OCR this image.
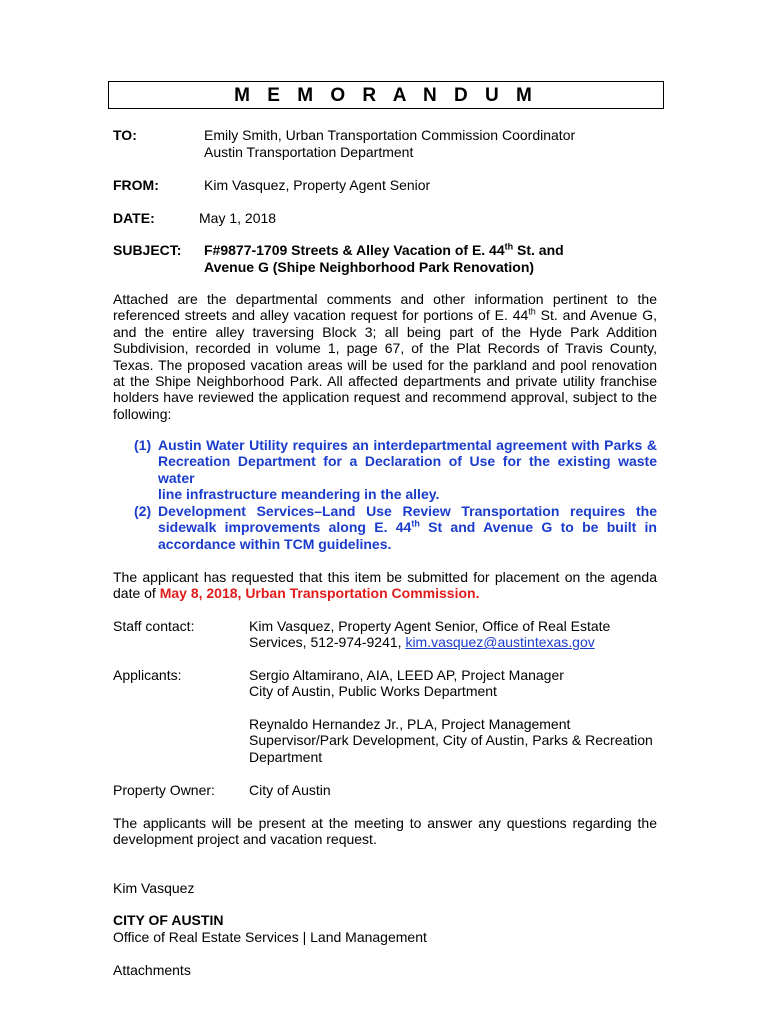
M E M O R A N D U M
TO:	Emily Smith, Urban Transportation Commission Coordinator
Austin Transportation Department
FROM:	Kim Vasquez, Property Agent Senior
DATE:	May 1, 2018
SUBJECT: F#9877-1709 Streets & Alley Vacation of E. 44th St. and
Avenue G (Shipe Neighborhood Park Renovation)
Attached are the departmental comments and other information pertinent to the
referenced streets and alley vacation request for portions of E. 44th St. and Avenue G,
and the entire alley traversing Block 3; all being part of the Hyde Park Addition
Subdivision, recorded in volume 1, page 67, of the Plat Records of Travis County,
Texas. The proposed vacation areas will be used for the parkland and pool renovation
at the Shipe Neighborhood Park. All affected departments and private utility franchise
holders have reviewed the application request and recommend approval, subject to the
following:
(1) Austin Water Utility requires an interdepartmental agreement with Parks &
Recreation Department for a Declaration of Use for the existing waste water
line infrastructure meandering in the alley.
(2) Development Services–Land Use Review Transportation requires the
sidewalk improvements along E. 44th St and Avenue G to be built in
accordance within TCM guidelines.
The applicant has requested that this item be submitted for placement on the agenda
date of May 8, 2018, Urban Transportation Commission.
Staff contact:	Kim Vasquez, Property Agent Senior, Office of Real Estate
Services, 512-974-9241, kim.vasquez@austintexas.gov
Applicants:	Sergio Altamirano, AIA, LEED AP, Project Manager
City of Austin, Public Works Department
Reynaldo Hernandez Jr., PLA, Project Management
Supervisor/Park Development, City of Austin, Parks & Recreation
Department
Property Owner: City of Austin
The applicants will be present at the meeting to answer any questions regarding the
development project and vacation request.
Kim Vasquez
CITY OF AUSTIN
Office of Real Estate Services | Land Management
Attachments
